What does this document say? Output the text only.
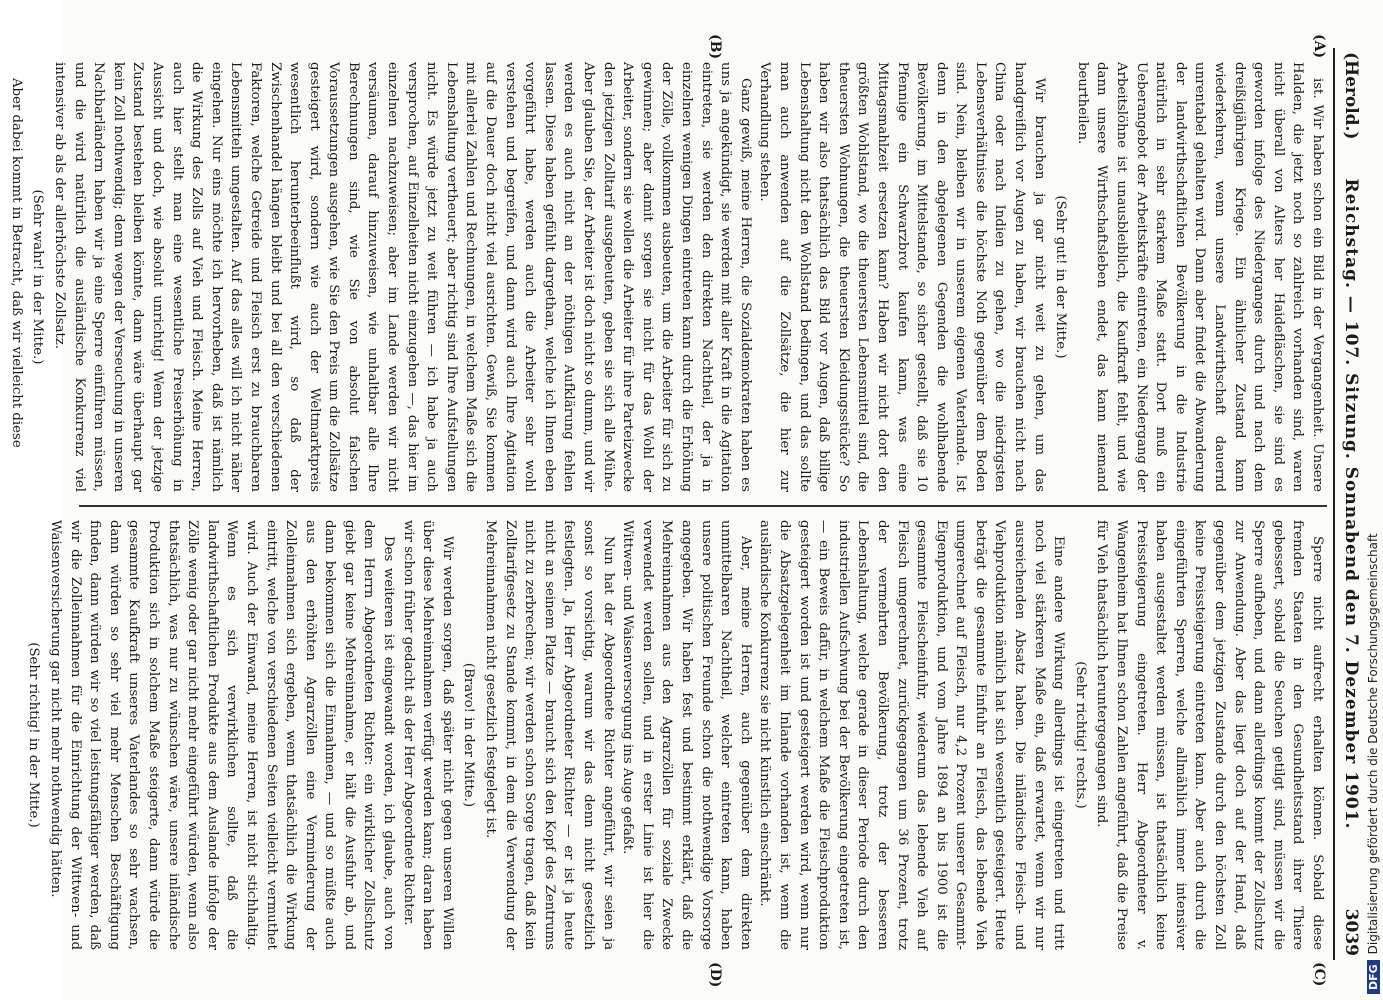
(Herold.)
Reichstag. — 107. Sitzung. Sonnabend den 7. Dezember 1901.
3039
(A)
(B)
(C)
(D)

ist. Wir haben schon ein Bild in der Vergangenheit. Unsere Halden, die jetzt noch so zahlreich vorhanden sind, waren nicht überall von Alters her Haidefläschen, sie sind es geworden infolge des Niederganges durch und nach dem dreißigjährigen Kriege. Ein ähnlicher Zustand kann wiederkehren, wenn unsere Landwirthschaft dauernd unrentabel gehalten wird. Dann aber findet die Abwanderung der landwirthschaftlichen Bevölkerung in die Industrie natürlich in sehr starkem Maße statt. Dort muß ein Ueberangebot der Arbeitskräfte eintreten, ein Niedergang der Arbeitslöhne ist unausbleiblich, die Kaufkraft fehlt, und wie dann unsere Wirthschaftsleben endet, das kann niemand beurtheilen.

(Sehr gut! in der Mitte.)

Wir brauchen ja gar nicht weit zu gehen, um das handgreiflich vor Augen zu haben, wir brauchen nicht nach China oder nach Indien zu gehen, wo die niedrigsten Lebensverhältnisse die höchste Noth gegenüber dem Boden sind. Nein, bleiben wir in unserem eigenen Vaterlande. Ist denn in den abgelegenen Gegenden die wohlhabende Bevölkerung, im Mittelstande, so sicher gestellt, daß sie 10 Pfennige ein Schwarzbrot kaufen kann, was eine Mittagsmahlzeit ersetzen kann? Haben wir nicht dort den größten Wohlstand, wo die theuersten Lebensmittel sind, die theuersten Wohnungen, die theuersten Kleidungsstücke? So haben wir also thatsächlich das Bild vor Augen, daß billige Lebenshaltung nicht den Wohlstand bedingen, und das sollte man auch anwenden auf die Zollsätze, die hier zur Verhandlung stehen.

Ganz gewiß, meine Herren, die Sozialdemokraten haben es uns ja angekündigt, sie werden mit aller Kraft in die Agitation eintreten, sie werden den direkten Nachtheil, der ja in einzelnen wenigen Dingen eintreten kann durch die Erhöhung der Zölle, vollkommen ausbeuten, um die Arbeiter für sich zu gewinnen; aber damit sorgen sie nicht für das Wohl der Arbeiter, sondern sie wollen die Arbeiter für ihre Parteizwecke den jetzigen Zolltarif ausgebeuten, geben sie sich alle Mühe. Aber glauben Sie, der Arbeiter ist doch nicht so dumm, und wir werden es auch nicht an der nöthigen Aufklärung fehlen lassen. Diese haben gefühlt dargethan, welche ich Ihnen eben vorgeführt habe, werden auch die Arbeiter sehr wohl verstehen und begreifen, und dann wird auch Ihre Agitation auf die Dauer doch nicht viel ausrichten. Gewiß, Sie kommen mit allerlei Zahlen und Rechnungen, in welchem Maße sich die Lebenshaltung vertheuert; aber richtig sind Ihre Aufstellungen nicht. Es würde jetzt zu weit führen — ich habe ja auch versprochen, auf Einzelheiten nicht einzugehen —, das hier im einzelnen nachzuweisen; aber im Lande werden wir nicht versäumen, darauf hinzuweisen, wie unhaltbar alle Ihre Berechnungen sind, wie Sie von absolut falschen Voraussetzungen ausgehen, wie Sie den Preis um die Zollsätze gesteigert wird, sondern wie auch der Weltmarktpreis wesentlich herunterbeeinflußt wird, so daß der Zwischenhandel hängen bleibt und bei all den verschiedenen Faktoren, welche Getreide und Fleisch erst zu brauchbaren Lebensmitteln umgestalten. Auf das alles will ich nicht näher eingehen. Nur eins möchte ich hervorheben, daß ist nämlich die Wirkung des Zolls auf Vieh und Fleisch. Meine Herren, auch hier stellt man eine wesentliche Preiserhöhung in Aussicht und doch, wie absolut unrichtig! Wenn der jetzige Zustand bestehen bleiben könnte, dann wäre überhaupt gar kein Zoll nothwendig; denn wegen der Verseuchung in unseren Nachbarländern haben wir ja eine Sperre einführen müssen, und die wird natürlich die ausländische Konkurrenz viel intensiver ab als der allerhöchste Zollsatz.

(Sehr wahr! in der Mitte.)

Aber dabei kommt in Betracht, daß wir vielleicht diese

Sperre nicht aufrecht erhalten können. Sobald diese fremden Staaten in den Gesundheitsstand ihrer Thiere gebessert, sobald die Seuchen getilgt sind, müssen wir die Sperre aufheben, und dann allerdings kommt der Zollschutz zur Anwendung. Aber das liegt doch auf der Hand, daß gegenüber dem jetzigen Zustande durch den höchsten Zoll keine Preissteigerung eintreten kann. Aber auch durch die eingeführten Sperren, welche allmählich immer intensiver haben ausgestaltet werden müssen, ist thatsächlich keine Preissteigerung eingetreten. Herr Abgeordneter v. Wangenheim hat Ihnen schon Zahlen angeführt, daß die Preise für Vieh thatsächlich heruntergegangen sind.

(Sehr richtig! rechts.)

Eine andere Wirkung allerdings ist eingetreten und tritt noch viel stärkeren Maße ein, daß erwartet, wenn wir nur ausreichenden Absatz haben. Die inländische Fleisch- und Viehproduktion nämlich hat sich wesentlich gesteigert. Heute beträgt die gesammte Einfuhr an Fleisch, das lebende Vieh umgerechnet auf Fleisch, nur 4,2 Prozent unserer Gesammt-Eigenproduktion, und vom Jahre 1894 an bis 1900 ist die gesammte Fleischeinfuhr, wiederum das lebende Vieh auf Fleisch umgerechnet, zurückgegangen um 36 Prozent, trotz der vermehrten Bevölkerung, trotz der besseren Lebenshaltung, welche gerade in dieser Periode durch den industriellen Aufschwung bei der Bevölkerung eingetreten ist, — ein Beweis dafür, in welchem Maße die Fleischproduktion gesteigert worden ist und gesteigert werden wird, wenn nur die Absatzgelegenheit im Inlande vorhanden ist, wenn die ausländische Konkurrenz sie nicht künstlich einschränkt.

Aber, meine Herren, auch gegenüber dem direkten unmittelbaren Nachtheil, welcher eintreten kann, haben unsere politischen Freunde schon die nothwendige Vorsorge angegeben. Wir haben fest und bestimmt erklärt, daß die Mehreinnahmen aus den Agrarzöllen für soziale Zwecke verwendet werden sollen, und in erster Linie ist hier die Wittwen- und Waisenversorgung ins Auge gefaßt.

Nun hat der Abgeordnete Richter angeführt, wir seien ja sonst so vorsichtig, warum wir das denn nicht gesetzlich festlegten. Ja, Herr Abgeordneter Richter — er ist ja heute nicht an seinem Platze — braucht sich den Kopf des Zentrums nicht zu zerbrechen; wir werden schon Sorge tragen, daß kein Zolltarifgesetz zu Stande kommt, in dem die Verwendung der Mehreinnahmen nicht gesetzlich festgelegt ist.

(Bravo! in der Mitte.)

Wir werden sorgen, daß später nicht gegen unseren Willen über diese Mehreinnahmen verfügt werden kann; daran haben wir schon früher gedacht als der Herr Abgeordnete Richter.

Des weiteren ist eingewandt worden, ich glaube, auch von dem Herrn Abgeordneten Richter: ein wirklicher Zollschutz giebt gar keine Mehreinnahme, er hält die Ausfuhr ab, und dann bekommen sich die Einnahmen, — und so müßte auch aus den erhöhten Agrarzöllen eine Verminderung der Zolleinnahmen sich ergeben, wenn thatsächlich die Wirkung eintritt, welche von verschiedenen Seiten vielleicht vermuthet wird. Auch der Einwand, meine Herren, ist nicht stichhaltig. Wenn es sich verwirklichen sollte, daß die landwirthschaftlichen Produkte aus dem Auslande infolge der Zölle wenig oder gar nicht mehr eingeführt würden, wenn also thatsächlich, was nur zu wünschen wäre, unsere inländische Produktion sich in solchem Maße steigerte, dann würde die gesammte Kaufkraft unseres Vaterlandes so sehr wachsen, dann würden so sehr viel mehr Menschen Beschäftigung finden, dann würden wir so viel leistungsfähiger werden, daß wir die Zolleinnahmen für die Einrichtung der Wittwen- und Waisenversicherung gar nicht mehr nothwendig hätten.

(Sehr richtig! in der Mitte.)

DFG
Digitalisierung gefördert durch die Deutsche Forschungsgemeinschaft
